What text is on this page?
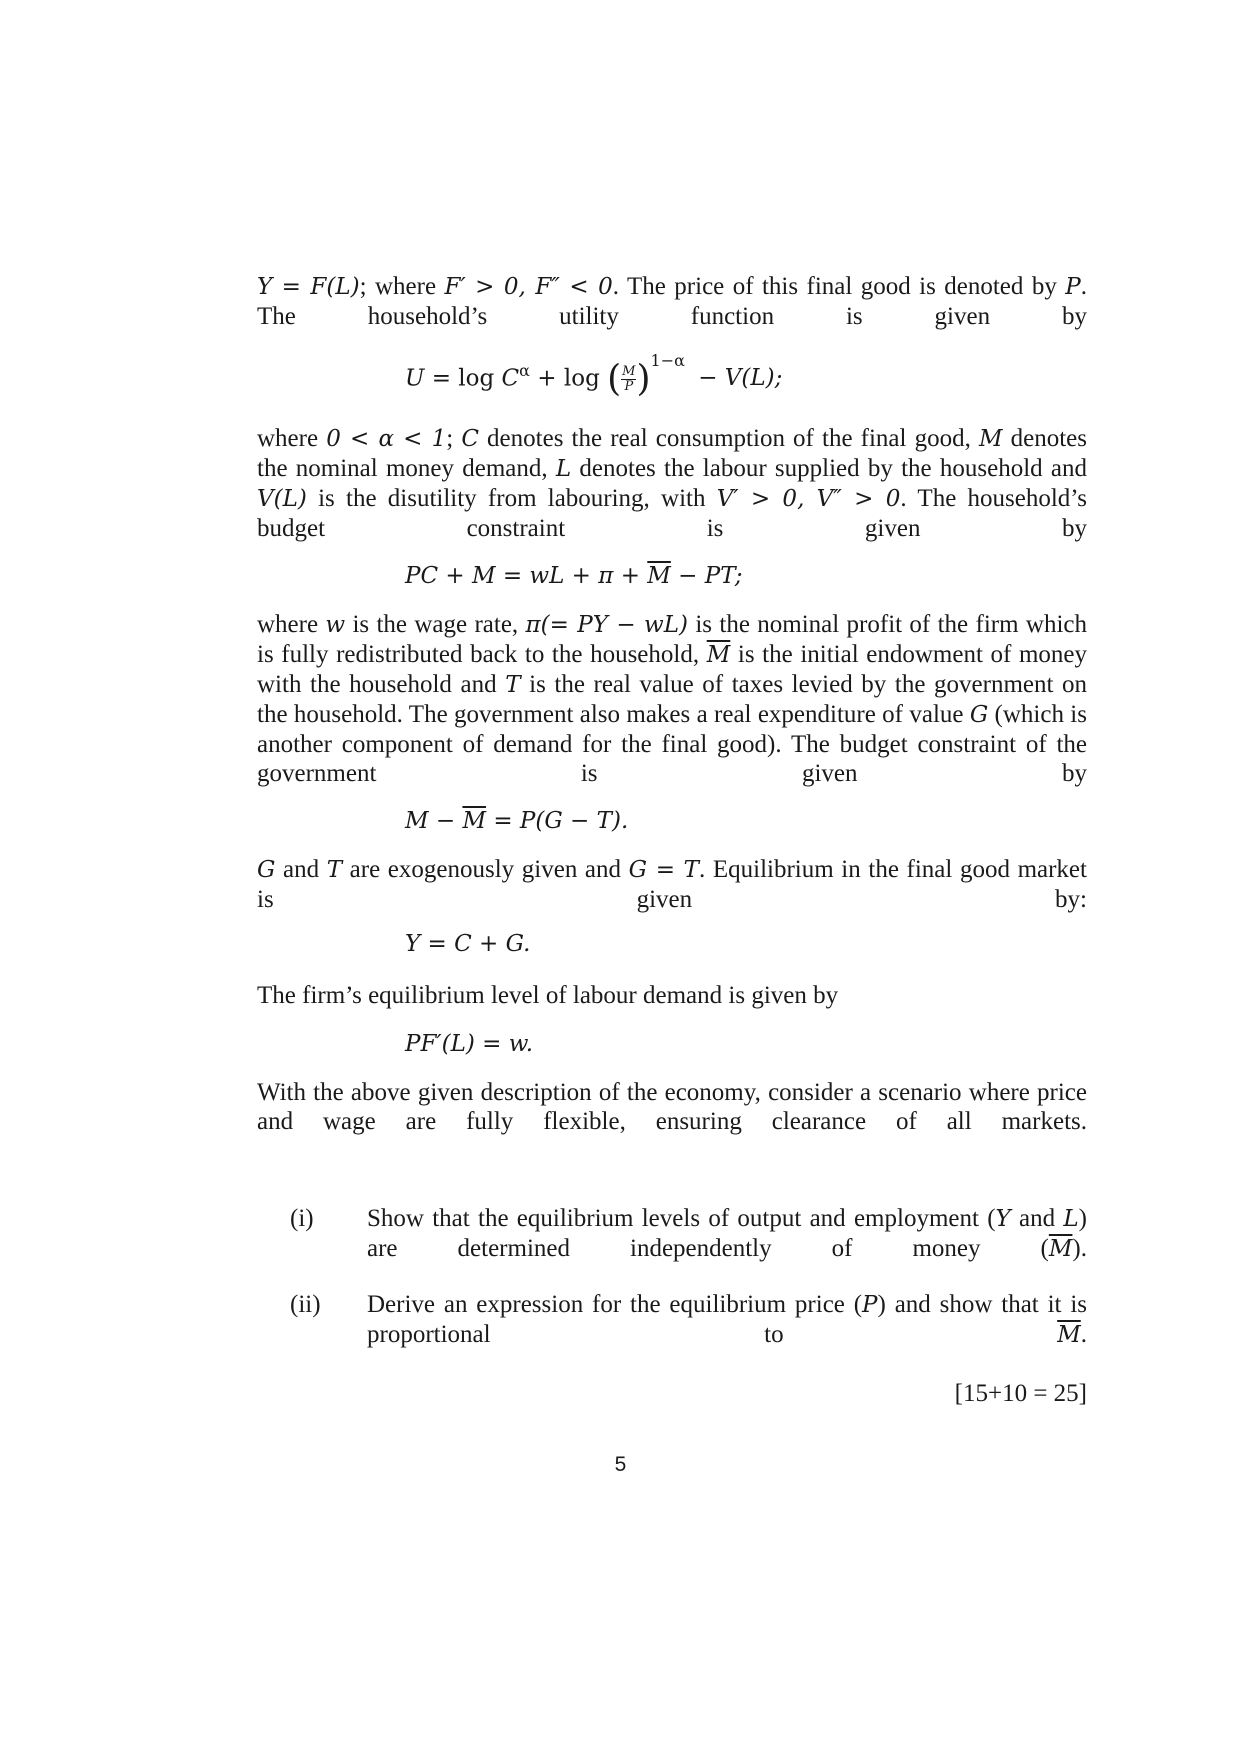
Y = F(L); where F′ > 0, F″ < 0. The price of this final good is denoted by P. The household’s utility function is given by

$U = \log C^\alpha + \log$ ( $\frac{M}{P} )^{1-\alpha} - V(L)$;

where 0 < α < 1; C denotes the real consumption of the final good, M denotes the nominal money demand, L denotes the labour supplied by the household and V(L) is the disutility from labouring, with V′ > 0, V″ > 0. The household’s budget constraint is given by

PC + M = wL + $\pi + \overline{M}$ − PT;

where w is the wage rate, π(= PY − wL) is the nominal profit of the firm which is fully redistributed back to the household, $\overline{M}$ is the initial endowment of money with the household and T is the real value of taxes levied by the government on the household. The government also makes a real expenditure of value G (which is another component of demand for the final good). The budget constraint of the government is given by

$M - \overline{M} = P(G - T)$.

G and T are exogenously given and G = T. Equilibrium in the final good market is given by:

Y = C + G.

The firm’s equilibrium level of labour demand is given by

PF′(L) = w.

With the above given description of the economy, consider a scenario where price and wage are fully flexible, ensuring clearance of all markets.

(i) Show that the equilibrium levels of output and employment (Y and L) are determined independently of money $(\overline{M})$.

(ii) Derive an expression for the equilibrium price (P) and show that it is proportional to $\overline{M}$.

[15+10 = 25]

5
